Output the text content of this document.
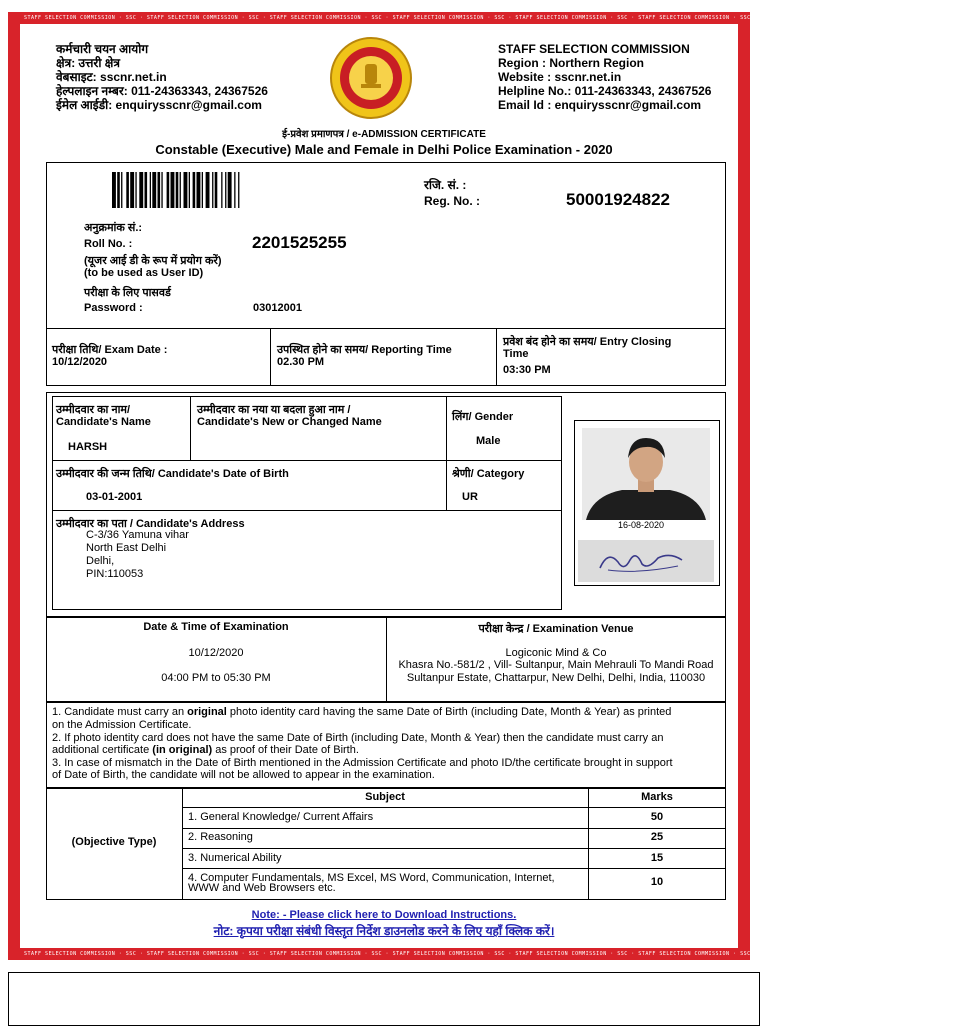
STAFF SELECTION COMMISSION · SSC · STAFF SELECTION COMMISSION · SSC · STAFF SELECTION COMMISSION · SSC · STAFF SELECTION COMMISSION · SSC · STAFF SELECTION COMMISSION · SSC · STAFF SELECTION COMMISSION · SSC · STAFF SELECTION COMMISSION · SSC · STAFF SELECTION COMMISSION
STAFF SELECTION COMMISSION · SSC · STAFF SELECTION COMMISSION · SSC · STAFF SELECTION COMMISSION · SSC · STAFF SELECTION COMMISSION · SSC · STAFF SELECTION COMMISSION · SSC · STAFF SELECTION COMMISSION · SSC · STAFF SELECTION COMMISSION · SSC · STAFF SELECTION COMMISSION
कर्मचारी चयन आयोग
क्षेत्र: उत्तरी क्षेत्र
वेबसाइट: sscnr.net.in
हेल्पलाइन नम्बर: 011-24363343, 24367526
ईमेल आईडी: enquirysscnr@gmail.com
STAFF SELECTION COMMISSION
Region : Northern Region
Website : sscnr.net.in
Helpline No.: 011-24363343, 24367526
Email Id : enquirysscnr@gmail.com
ई-प्रवेश प्रमाणपत्र / e-ADMISSION CERTIFICATE
Constable (Executive) Male and Female in Delhi Police Examination - 2020
रजि. सं. :
Reg. No. :	50001924822
अनुक्रमांक सं.:
Roll No. :	2201525255
(यूजर आई डी के रूप में प्रयोग करें)
(to be used as User ID)
परीक्षा के लिए पासवर्ड
Password :	03012001
परीक्षा तिथि/ Exam Date :
10/12/2020
उपस्थित होने का समय/ Reporting Time
02.30 PM
प्रवेश बंद होने का समय/ Entry Closing
Time
03:30 PM
उम्मीदवार का नाम/
Candidate's Name
HARSH
उम्मीदवार का नया या बदला हुआ नाम /
Candidate's New or Changed Name	लिंग/ Gender
Male
उम्मीदवार की जन्म तिथि/ Candidate's Date of Birth
03-01-2001
श्रेणी/ Category
UR
उम्मीदवार का पता / Candidate's Address
C-3/36 Yamuna vihar
North East Delhi
Delhi,
PIN:110053
16-08-2020
Date & Time of Examination
10/12/2020
04:00 PM to 05:30 PM
परीक्षा केन्द्र / Examination Venue
Logiconic Mind & Co
Khasra No.-581/2 , Vill- Sultanpur, Main Mehrauli To Mandi Road
Sultanpur Estate, Chattarpur, New Delhi, Delhi, India, 110030
1. Candidate must carry an original photo identity card having the same Date of Birth (including Date, Month & Year) as printed
on the Admission Certificate.
2. If photo identity card does not have the same Date of Birth (including Date, Month & Year) then the candidate must carry an
additional certificate (in original) as proof of their Date of Birth.
3. In case of mismatch in the Date of Birth mentioned in the Admission Certificate and photo ID/the certificate brought in support
of Date of Birth, the candidate will not be allowed to appear in the examination.
(Objective Type)
Subject	Marks
1. General Knowledge/ Current Affairs	50
2. Reasoning	25
3. Numerical Ability	15
4. Computer Fundamentals, MS Excel, MS Word, Communication, Internet,
WWW and Web Browsers etc.	10
Note: - Please click here to Download Instructions.
नोट: कृपया परीक्षा संबंधी विस्तृत निर्देश डाउनलोड करने के लिए यहाँ क्लिक करें।
